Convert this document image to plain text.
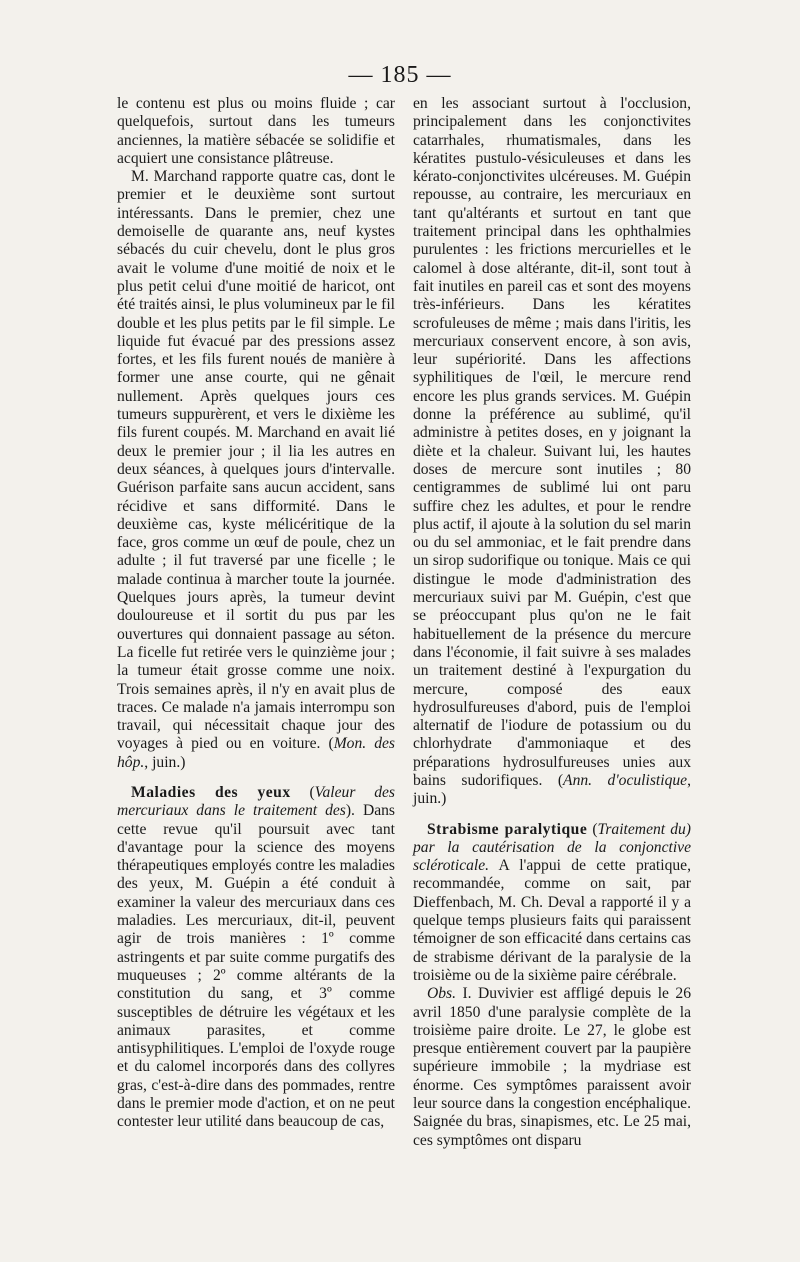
— 185 —

le contenu est plus ou moins fluide ; car quelquefois, surtout dans les tumeurs anciennes, la matière sébacée se solidifie et acquiert une consistance plâtreuse.

M. Marchand rapporte quatre cas, dont le premier et le deuxième sont surtout intéressants. Dans le premier, chez une demoiselle de quarante ans, neuf kystes sébacés du cuir chevelu, dont le plus gros avait le volume d'une moitié de noix et le plus petit celui d'une moitié de haricot, ont été traités ainsi, le plus volumineux par le fil double et les plus petits par le fil simple. Le liquide fut évacué par des pressions assez fortes, et les fils furent noués de manière à former une anse courte, qui ne gênait nullement. Après quelques jours ces tumeurs suppurèrent, et vers le dixième les fils furent coupés. M. Marchand en avait lié deux le premier jour ; il lia les autres en deux séances, à quelques jours d'intervalle. Guérison parfaite sans aucun accident, sans récidive et sans difformité. Dans le deuxième cas, kyste mélicéritique de la face, gros comme un œuf de poule, chez un adulte ; il fut traversé par une ficelle ; le malade continua à marcher toute la journée. Quelques jours après, la tumeur devint douloureuse et il sortit du pus par les ouvertures qui donnaient passage au séton. La ficelle fut retirée vers le quinzième jour ; la tumeur était grosse comme une noix. Trois semaines après, il n'y en avait plus de traces. Ce malade n'a jamais interrompu son travail, qui nécessitait chaque jour des voyages à pied ou en voiture. (Mon. des hôp., juin.)

Maladies des yeux (Valeur des mercuriaux dans le traitement des). Dans cette revue qu'il poursuit avec tant d'avantage pour la science des moyens thérapeutiques employés contre les maladies des yeux, M. Guépin a été conduit à examiner la valeur des mercuriaux dans ces maladies. Les mercuriaux, dit-il, peuvent agir de trois manières : 1º comme astringents et par suite comme purgatifs des muqueuses ; 2º comme altérants de la constitution du sang, et 3º comme susceptibles de détruire les végétaux et les animaux parasites, et comme antisyphilitiques. L'emploi de l'oxyde rouge et du calomel incorporés dans des collyres gras, c'est-à-dire dans des pommades, rentre dans le premier mode d'action, et on ne peut contester leur utilité dans beaucoup de cas,

en les associant surtout à l'occlusion, principalement dans les conjonctivites catarrhales, rhumatismales, dans les kératites pustulo-vésiculeuses et dans les kérato-conjonctivites ulcéreuses. M. Guépin repousse, au contraire, les mercuriaux en tant qu'altérants et surtout en tant que traitement principal dans les ophthalmies purulentes : les frictions mercurielles et le calomel à dose altérante, dit-il, sont tout à fait inutiles en pareil cas et sont des moyens très-inférieurs. Dans les kératites scrofuleuses de même ; mais dans l'iritis, les mercuriaux conservent encore, à son avis, leur supériorité. Dans les affections syphilitiques de l'œil, le mercure rend encore les plus grands services. M. Guépin donne la préférence au sublimé, qu'il administre à petites doses, en y joignant la diète et la chaleur. Suivant lui, les hautes doses de mercure sont inutiles ; 80 centigrammes de sublimé lui ont paru suffire chez les adultes, et pour le rendre plus actif, il ajoute à la solution du sel marin ou du sel ammoniac, et le fait prendre dans un sirop sudorifique ou tonique. Mais ce qui distingue le mode d'administration des mercuriaux suivi par M. Guépin, c'est que se préoccupant plus qu'on ne le fait habituellement de la présence du mercure dans l'économie, il fait suivre à ses malades un traitement destiné à l'expurgation du mercure, composé des eaux hydrosulfureuses d'abord, puis de l'emploi alternatif de l'iodure de potassium ou du chlorhydrate d'ammoniaque et des préparations hydrosulfureuses unies aux bains sudorifiques. (Ann. d'oculistique, juin.)

Strabisme paralytique (Traitement du) par la cautérisation de la conjonctive scléroticale. A l'appui de cette pratique, recommandée, comme on sait, par Dieffenbach, M. Ch. Deval a rapporté il y a quelque temps plusieurs faits qui paraissent témoigner de son efficacité dans certains cas de strabisme dérivant de la paralysie de la troisième ou de la sixième paire cérébrale.

Obs. I. Duvivier est affligé depuis le 26 avril 1850 d'une paralysie complète de la troisième paire droite. Le 27, le globe est presque entièrement couvert par la paupière supérieure immobile ; la mydriase est énorme. Ces symptômes paraissent avoir leur source dans la congestion encéphalique. Saignée du bras, sinapismes, etc. Le 25 mai, ces symptômes ont disparu
